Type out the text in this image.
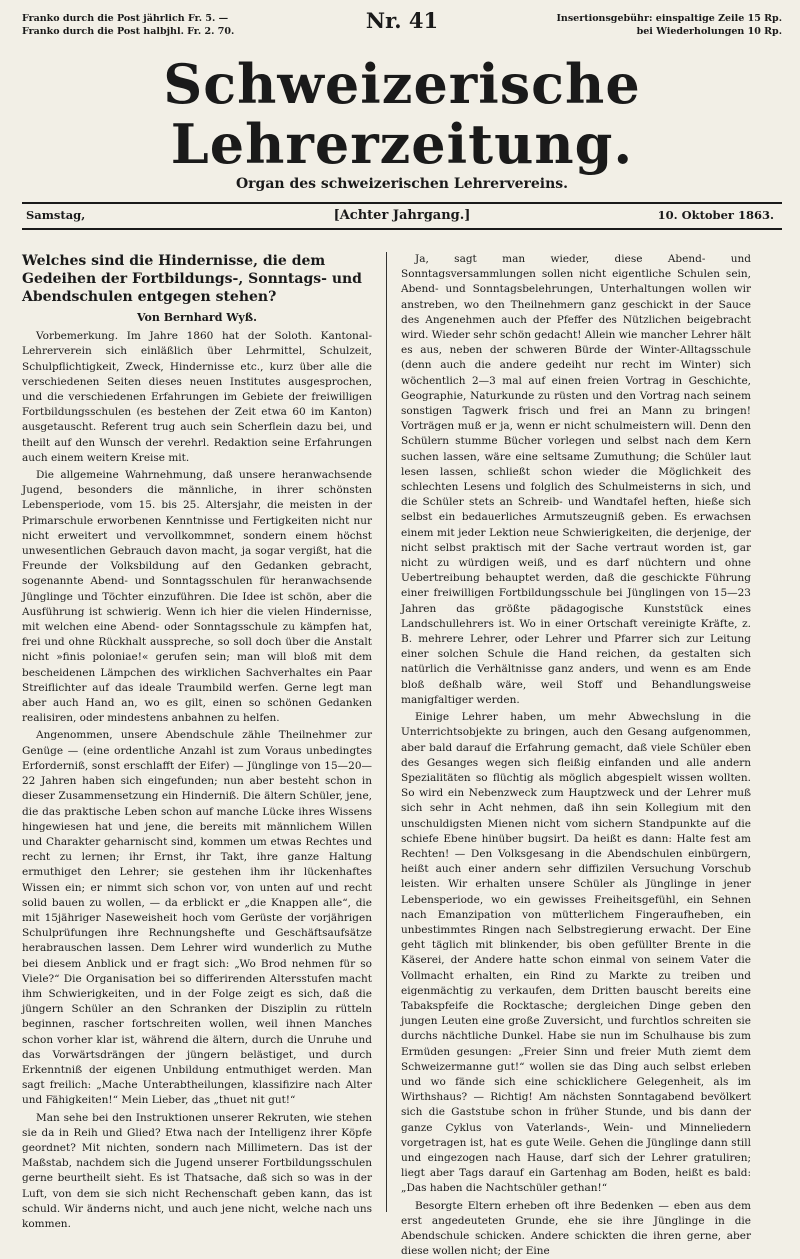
Franko durch die Post jährlich Fr. 5. —
Franko durch die Post halbjhl. Fr. 2. 70.	Nr. 41	Insertionsgebühr: einspaltige Zeile 15 Rp.
bei Wiederholungen 10 Rp.
Schweizerische Lehrerzeitung.
Organ des schweizerischen Lehrervereins.
Samstag,	[Achter Jahrgang.]	10. Oktober 1863.
Welches sind die Hindernisse, die dem Gedeihen der Fortbildungs-, Sonntags- und Abendschulen entgegen stehen?
Von Bernhard Wyß.

Vorbemerkung. Im Jahre 1860 hat der Soloth. Kantonal-Lehrerverein sich einläßlich über Lehrmittel, Schulzeit, Schulpflichtigkeit, Zweck, Hindernisse etc., kurz über alle die verschiedenen Seiten dieses neuen Institutes ausgesprochen, und die verschiedenen Erfahrungen im Gebiete der freiwilligen Fortbildungsschulen (es bestehen der Zeit etwa 60 im Kanton) ausgetauscht. Referent trug auch sein Scherflein dazu bei, und theilt auf den Wunsch der verehrl. Redaktion seine Erfahrungen auch einem weitern Kreise mit.

Die allgemeine Wahrnehmung, daß unsere heranwachsende Jugend, besonders die männliche, in ihrer schönsten Lebensperiode, vom 15. bis 25. Altersjahr, die meisten in der Primarschule erworbenen Kenntnisse und Fertigkeiten nicht nur nicht erweitert und vervollkommnet, sondern einem höchst unwesentlichen Gebrauch davon macht, ja sogar vergißt, hat die Freunde der Volksbildung auf den Gedanken gebracht, sogenannte Abend- und Sonntagsschulen für heranwachsende Jünglinge und Töchter einzuführen. Die Idee ist schön, aber die Ausführung ist schwierig. Wenn ich hier die vielen Hindernisse, mit welchen eine Abend- oder Sonntagsschule zu kämpfen hat, frei und ohne Rückhalt ausspreche, so soll doch über die Anstalt nicht »finis poloniae!« gerufen sein; man will bloß mit dem bescheidenen Lämpchen des wirklichen Sachverhaltes ein Paar Streiflichter auf das ideale Traumbild werfen. Gerne legt man aber auch Hand an, wo es gilt, einen so schönen Gedanken realisiren, oder mindestens anbahnen zu helfen.

Angenommen, unsere Abendschule zähle Theilnehmer zur Genüge — (eine ordentliche Anzahl ist zum Voraus unbedingtes Erforderniß, sonst erschlafft der Eifer) — Jünglinge von 15—20—22 Jahren haben sich eingefunden; nun aber besteht schon in dieser Zusammensetzung ein Hinderniß. Die ältern Schüler, jene, die das praktische Leben schon auf manche Lücke ihres Wissens hingewiesen hat und jene, die bereits mit männlichem Willen und Charakter geharnischt sind, kommen um etwas Rechtes und recht zu lernen; ihr Ernst, ihr Takt, ihre ganze Haltung ermuthiget den Lehrer; sie gestehen ihm ihr lückenhaftes Wissen ein; er nimmt sich schon vor, von unten auf und recht solid bauen zu wollen, — da erblickt er „die Knappen alle“, die mit 15jähriger Naseweisheit hoch vom Gerüste der vorjährigen Schulprüfungen ihre Rechnungshefte und Geschäftsaufsätze herabrauschen lassen. Dem Lehrer wird wunderlich zu Muthe bei diesem Anblick und er fragt sich: „Wo Brod nehmen für so Viele?“ Die Organisation bei so differirenden Altersstufen macht ihm Schwierigkeiten, und in der Folge zeigt es sich, daß die jüngern Schüler an den Schranken der Disziplin zu rütteln beginnen, rascher fortschreiten wollen, weil ihnen Manches schon vorher klar ist, während die ältern, durch die Unruhe und das Vorwärtsdrängen der jüngern belästiget, und durch Erkenntniß der eigenen Unbildung entmuthiget werden. Man sagt freilich: „Mache Unterabtheilungen, klassifizire nach Alter und Fähigkeiten!“ Mein Lieber, das „thuet nit gut!“

Man sehe bei den Instruktionen unserer Rekruten, wie stehen sie da in Reih und Glied? Etwa nach der Intelligenz ihrer Köpfe geordnet? Mit nichten, sondern nach Millimetern. Das ist der Maßstab, nachdem sich die Jugend unserer Fortbildungsschulen gerne beurtheilt sieht. Es ist Thatsache, daß sich so was in der Luft, von dem sie sich nicht Rechenschaft geben kann, das ist schuld. Wir änderns nicht, und auch jene nicht, welche nach uns kommen.

Ja, sagt man wieder, diese Abend- und Sonntagsversammlungen sollen nicht eigentliche Schulen sein, Abend- und Sonntagsbelehrungen, Unterhaltungen wollen wir anstreben, wo den Theilnehmern ganz geschickt in der Sauce des Angenehmen auch der Pfeffer des Nützlichen beigebracht wird. Wieder sehr schön gedacht! Allein wie mancher Lehrer hält es aus, neben der schweren Bürde der Winter-Alltagsschule (denn auch die andere gedeiht nur recht im Winter) sich wöchentlich 2—3 mal auf einen freien Vortrag in Geschichte, Geographie, Naturkunde zu rüsten und den Vortrag nach seinem sonstigen Tagwerk frisch und frei an Mann zu bringen! Vorträgen muß er ja, wenn er nicht schulmeistern will. Denn den Schülern stumme Bücher vorlegen und selbst nach dem Kern suchen lassen, wäre eine seltsame Zumuthung; die Schüler laut lesen lassen, schließt schon wieder die Möglichkeit des schlechten Lesens und folglich des Schulmeisterns in sich, und die Schüler stets an Schreib- und Wandtafel heften, hieße sich selbst ein bedauerliches Armutszeugniß geben. Es erwachsen einem mit jeder Lektion neue Schwierigkeiten, die derjenige, der nicht selbst praktisch mit der Sache vertraut worden ist, gar nicht zu würdigen weiß, und es darf nüchtern und ohne Uebertreibung behauptet werden, daß die geschickte Führung einer freiwilligen Fortbildungsschule bei Jünglingen von 15—23 Jahren das größte pädagogische Kunststück eines Landschullehrers ist. Wo in einer Ortschaft vereinigte Kräfte, z. B. mehrere Lehrer, oder Lehrer und Pfarrer sich zur Leitung einer solchen Schule die Hand reichen, da gestalten sich natürlich die Verhältnisse ganz anders, und wenn es am Ende bloß deßhalb wäre, weil Stoff und Behandlungsweise manigfaltiger werden.

Einige Lehrer haben, um mehr Abwechslung in die Unterrichtsobjekte zu bringen, auch den Gesang aufgenommen, aber bald darauf die Erfahrung gemacht, daß viele Schüler eben des Gesanges wegen sich fleißig einfanden und alle andern Spezialitäten so flüchtig als möglich abgespielt wissen wollten. So wird ein Nebenzweck zum Hauptzweck und der Lehrer muß sich sehr in Acht nehmen, daß ihn sein Kollegium mit den unschuldigsten Mienen nicht vom sichern Standpunkte auf die schiefe Ebene hinüber bugsirt. Da heißt es dann: Halte fest am Rechten! — Den Volksgesang in die Abendschulen einbürgern, heißt auch einer andern sehr diffizilen Versuchung Vorschub leisten. Wir erhalten unsere Schüler als Jünglinge in jener Lebensperiode, wo ein gewisses Freiheitsgefühl, ein Sehnen nach Emanzipation von mütterlichem Fingeraufheben, ein unbestimmtes Ringen nach Selbstregierung erwacht. Der Eine geht täglich mit blinkender, bis oben gefüllter Brente in die Käserei, der Andere hatte schon einmal von seinem Vater die Vollmacht erhalten, ein Rind zu Markte zu treiben und eigenmächtig zu verkaufen, dem Dritten bauscht bereits eine Tabakspfeife die Rocktasche; dergleichen Dinge geben den jungen Leuten eine große Zuversicht, und furchtlos schreiten sie durchs nächtliche Dunkel. Habe sie nun im Schulhause bis zum Ermüden gesungen: „Freier Sinn und freier Muth ziemt dem Schweizermanne gut!“ wollen sie das Ding auch selbst erleben und wo fände sich eine schicklichere Gelegenheit, als im Wirthshaus? — Richtig! Am nächsten Sonntagabend bevölkert sich die Gaststube schon in früher Stunde, und bis dann der ganze Cyklus von Vaterlands-, Wein- und Minneliedern vorgetragen ist, hat es gute Weile. Gehen die Jünglinge dann still und eingezogen nach Hause, darf sich der Lehrer gratuliren; liegt aber Tags darauf ein Gartenhag am Boden, heißt es bald: „Das haben die Nachtschüler gethan!“

Besorgte Eltern erheben oft ihre Bedenken — eben aus dem erst angedeuteten Grunde, ehe sie ihre Jünglinge in die Abendschule schicken. Andere schickten die ihren gerne, aber diese wollen nicht; der Eine
